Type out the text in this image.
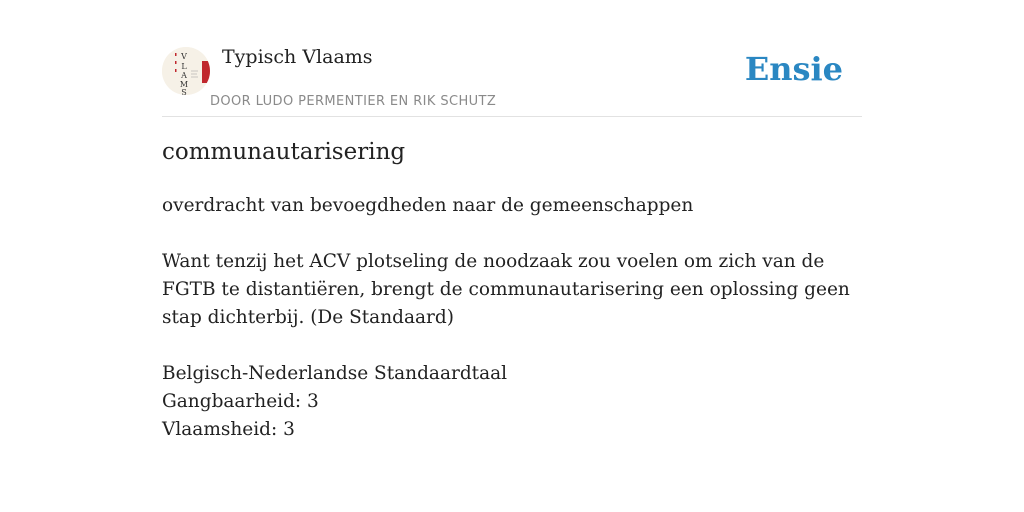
V
L
A
M
S
Typisch Vlaams
DOOR LUDO PERMENTIER EN RIK SCHUTZ
Ensie
communautarisering
overdracht van bevoegdheden naar de gemeenschappen
Want tenzij het ACV plotseling de noodzaak zou voelen om zich van de FGTB te distantiëren, brengt de communautarisering een oplossing geen stap dichterbij. (De Standaard)
Belgisch-Nederlandse Standaardtaal
Gangbaarheid: 3
Vlaamsheid: 3
